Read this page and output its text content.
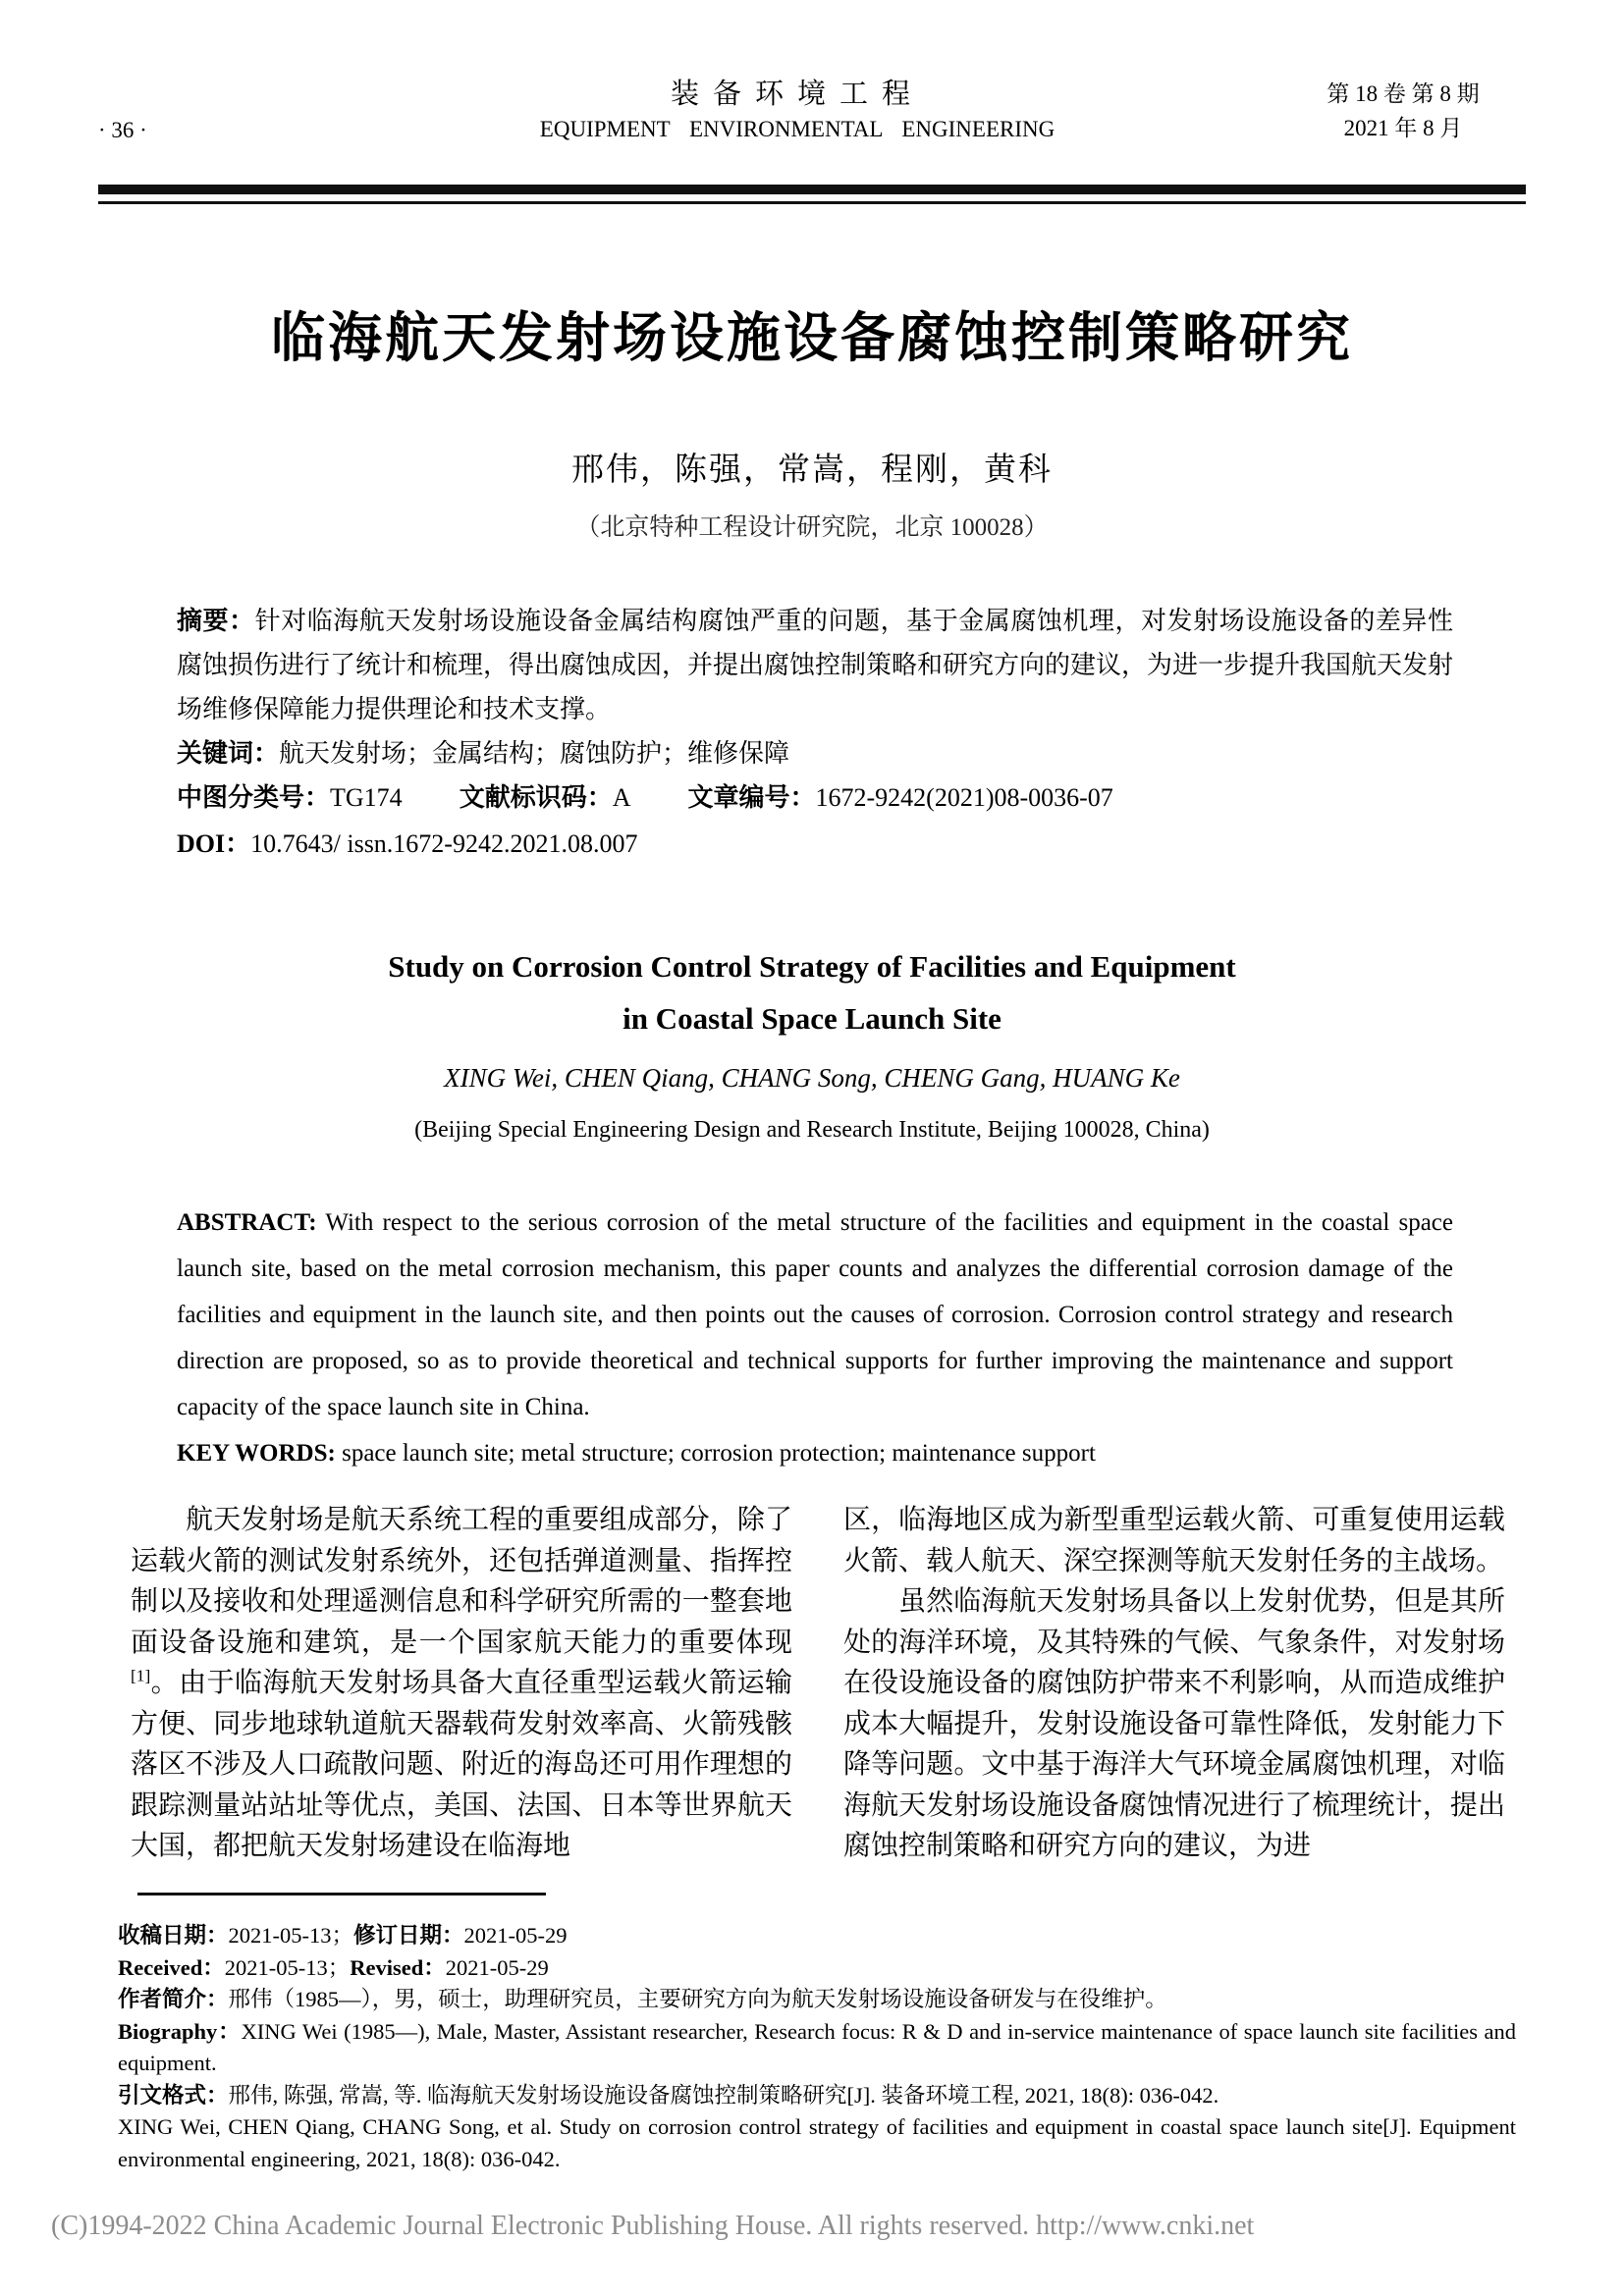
· 36 ·
装备环境工程
EQUIPMENT ENVIRONMENTAL ENGINEERING
第 18 卷 第 8 期
2021 年 8 月
临海航天发射场设施设备腐蚀控制策略研究
邢伟，陈强，常嵩，程刚，黄科
（北京特种工程设计研究院，北京 100028）

摘要：针对临海航天发射场设施设备金属结构腐蚀严重的问题，基于金属腐蚀机理，对发射场设施设备的差异性腐蚀损伤进行了统计和梳理，得出腐蚀成因，并提出腐蚀控制策略和研究方向的建议，为进一步提升我国航天发射场维修保障能力提供理论和技术支撑。

关键词：航天发射场；金属结构；腐蚀防护；维修保障

中图分类号：TG174 文献标识码：A 文章编号：1672-9242(2021)08-0036-07

DOI：10.7643/ issn.1672-9242.2021.08.007

Study on Corrosion Control Strategy of Facilities and Equipment
in Coastal Space Launch Site
XING Wei, CHEN Qiang, CHANG Song, CHENG Gang, HUANG Ke
(Beijing Special Engineering Design and Research Institute, Beijing 100028, China)

ABSTRACT: With respect to the serious corrosion of the metal structure of the facilities and equipment in the coastal space launch site, based on the metal corrosion mechanism, this paper counts and analyzes the differential corrosion damage of the facilities and equipment in the launch site, and then points out the causes of corrosion. Corrosion control strategy and research direction are proposed, so as to provide theoretical and technical supports for further improving the maintenance and support capacity of the space launch site in China.

KEY WORDS: space launch site; metal structure; corrosion protection; maintenance support

航天发射场是航天系统工程的重要组成部分，除了运载火箭的测试发射系统外，还包括弹道测量、指挥控制以及接收和处理遥测信息和科学研究所需的一整套地面设备设施和建筑，是一个国家航天能力的重要体现[1]。由于临海航天发射场具备大直径重型运载火箭运输方便、同步地球轨道航天器载荷发射效率高、火箭残骸落区不涉及人口疏散问题、附近的海岛还可用作理想的跟踪测量站站址等优点，美国、法国、日本等世界航天大国，都把航天发射场建设在临海地

区，临海地区成为新型重型运载火箭、可重复使用运载火箭、载人航天、深空探测等航天发射任务的主战场。

虽然临海航天发射场具备以上发射优势，但是其所处的海洋环境，及其特殊的气候、气象条件，对发射场在役设施设备的腐蚀防护带来不利影响，从而造成维护成本大幅提升，发射设施设备可靠性降低，发射能力下降等问题。文中基于海洋大气环境金属腐蚀机理，对临海航天发射场设施设备腐蚀情况进行了梳理统计，提出腐蚀控制策略和研究方向的建议，为进

收稿日期：2021-05-13；修订日期：2021-05-29

Received：2021-05-13；Revised：2021-05-29

作者简介：邢伟（1985—），男，硕士，助理研究员，主要研究方向为航天发射场设施设备研发与在役维护。

Biography：XING Wei (1985—), Male, Master, Assistant researcher, Research focus: R & D and in-service maintenance of space launch site facilities and equipment.

引文格式：邢伟, 陈强, 常嵩, 等. 临海航天发射场设施设备腐蚀控制策略研究[J]. 装备环境工程, 2021, 18(8): 036-042.

XING Wei, CHEN Qiang, CHANG Song, et al. Study on corrosion control strategy of facilities and equipment in coastal space launch site[J]. Equipment environmental engineering, 2021, 18(8): 036-042.

(C)1994-2022 China Academic Journal Electronic Publishing House. All rights reserved. http://www.cnki.net
